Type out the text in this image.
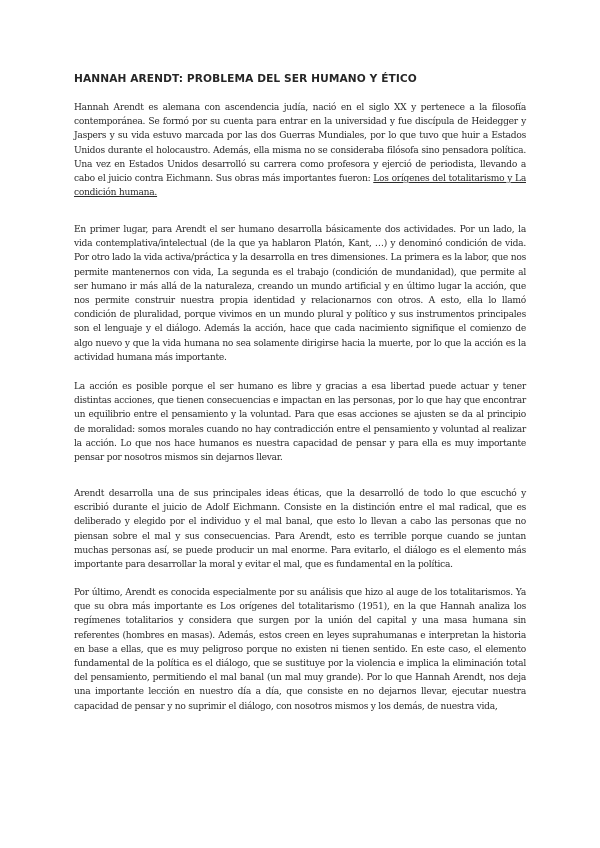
HANNAH ARENDT: PROBLEMA DEL SER HUMANO Y ÉTICO

Hannah Arendt es alemana con ascendencia judía, nació en el siglo XX y pertenece a la filosofía contemporánea. Se formó por su cuenta para entrar en la universidad y fue discípula de Heidegger y Jaspers y su vida estuvo marcada por las dos Guerras Mundiales, por lo que tuvo que huir a Estados Unidos durante el holocaustro. Además, ella misma no se consideraba filósofa sino pensadora política. Una vez en Estados Unidos desarrolló su carrera como profesora y ejerció de periodista, llevando a cabo el juicio contra Eichmann. Sus obras más importantes fueron: Los orígenes del totalitarismo y La condición humana.

En primer lugar, para Arendt el ser humano desarrolla básicamente dos actividades. Por un lado, la vida contemplativa/intelectual (de la que ya hablaron Platón, Kant, …) y denominó condición de vida. Por otro lado la vida activa/práctica y la desarrolla en tres dimensiones. La primera es la labor, que nos permite mantenernos con vida, La segunda es el trabajo (condición de mundanidad), que permite al ser humano ir más allá de la naturaleza, creando un mundo artificial y en último lugar la acción, que nos permite construir nuestra propia identidad y relacionarnos con otros. A esto, ella lo llamó condición de pluralidad, porque vivimos en un mundo plural y político y sus instrumentos principales son el lenguaje y el diálogo. Además la acción, hace que cada nacimiento signifique el comienzo de algo nuevo y que la vida humana no sea solamente dirigirse hacia la muerte, por lo que la acción es la actividad humana más importante.

La acción es posible porque el ser humano es libre y gracias a esa libertad puede actuar y tener distintas acciones, que tienen consecuencias e impactan en las personas, por lo que hay que encontrar un equilibrio entre el pensamiento y la voluntad. Para que esas acciones se ajusten se da al principio de moralidad: somos morales cuando no hay contradicción entre el pensamiento y voluntad al realizar la acción. Lo que nos hace humanos es nuestra capacidad de pensar y para ella es muy importante pensar por nosotros mismos sin dejarnos llevar.

Arendt desarrolla una de sus principales ideas éticas, que la desarrolló de todo lo que escuchó y escribió durante el juicio de Adolf Eichmann. Consiste en la distinción entre el mal radical, que es deliberado y elegido por el individuo y el mal banal, que esto lo llevan a cabo las personas que no piensan sobre el mal y sus consecuencias. Para Arendt, esto es terrible porque cuando se juntan muchas personas así, se puede producir un mal enorme. Para evitarlo, el diálogo es el elemento más importante para desarrollar la moral y evitar el mal, que es fundamental en la política.

Por último, Arendt es conocida especialmente por su análisis que hizo al auge de los totalitarismos. Ya que su obra más importante es Los orígenes del totalitarismo (1951), en la que Hannah analiza los regímenes totalitarios y considera que surgen por la unión del capital y una masa humana sin referentes (hombres en masas). Además, estos creen en leyes suprahumanas e interpretan la historia en base a ellas, que es muy peligroso porque no existen ni tienen sentido. En este caso, el elemento fundamental de la política es el diálogo, que se sustituye por la violencia e implica la eliminación total del pensamiento, permitiendo el mal banal (un mal muy grande). Por lo que Hannah Arendt, nos deja una importante lección en nuestro día a día, que consiste en no dejarnos llevar, ejecutar nuestra capacidad de pensar y no suprimir el diálogo, con nosotros mismos y los demás, de nuestra vida,
